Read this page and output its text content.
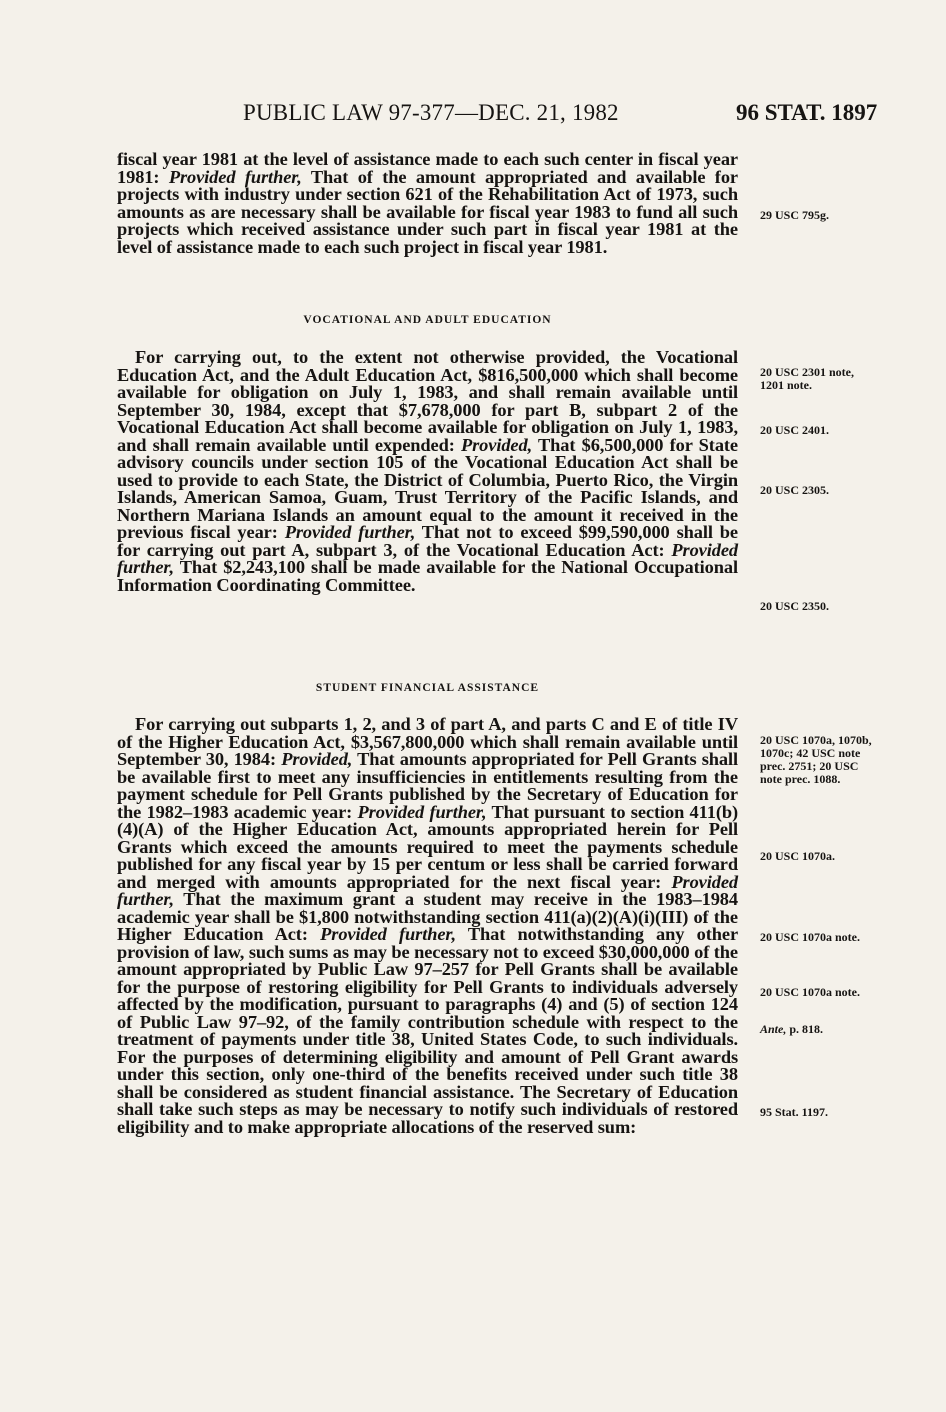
PUBLIC LAW 97-377—DEC. 21, 1982	96 STAT. 1897
fiscal year 1981 at the level of assistance made to each such center in fiscal year 1981: Provided further, That of the amount appropriated and available for projects with industry under section 621 of the Rehabilitation Act of 1973, such amounts as are necessary shall be available for fiscal year 1983 to fund all such projects which received assistance under such part in fiscal year 1981 at the level of assistance made to each such project in fiscal year 1981.
VOCATIONAL AND ADULT EDUCATION
For carrying out, to the extent not otherwise provided, the Vocational Education Act, and the Adult Education Act, $816,500,000 which shall become available for obligation on July 1, 1983, and shall remain available until September 30, 1984, except that $7,678,000 for part B, subpart 2 of the Vocational Education Act shall become available for obligation on July 1, 1983, and shall remain available until expended: Provided, That $6,500,000 for State advisory councils under section 105 of the Vocational Education Act shall be used to provide to each State, the District of Columbia, Puerto Rico, the Virgin Islands, American Samoa, Guam, Trust Territory of the Pacific Islands, and Northern Mariana Islands an amount equal to the amount it received in the previous fiscal year: Provided further, That not to exceed $99,590,000 shall be for carrying out part A, subpart 3, of the Vocational Education Act: Provided further, That $2,243,100 shall be made available for the National Occupational Information Coordinating Committee.
STUDENT FINANCIAL ASSISTANCE
For carrying out subparts 1, 2, and 3 of part A, and parts C and E of title IV of the Higher Education Act, $3,567,800,000 which shall remain available until September 30, 1984: Provided, That amounts appropriated for Pell Grants shall be available first to meet any insufficiencies in entitlements resulting from the payment schedule for Pell Grants published by the Secretary of Education for the 1982–1983 academic year: Provided further, That pursuant to section 411(b)(4)(A) of the Higher Education Act, amounts appropriated herein for Pell Grants which exceed the amounts required to meet the payments schedule published for any fiscal year by 15 per centum or less shall be carried forward and merged with amounts appropriated for the next fiscal year: Provided further, That the maximum grant a student may receive in the 1983–1984 academic year shall be $1,800 notwithstanding section 411(a)(2)(A)(i)(III) of the Higher Education Act: Provided further, That notwithstanding any other provision of law, such sums as may be necessary not to exceed $30,000,000 of the amount appropriated by Public Law 97–257 for Pell Grants shall be available for the purpose of restoring eligibility for Pell Grants to individuals adversely affected by the modification, pursuant to paragraphs (4) and (5) of section 124 of Public Law 97–92, of the family contribution schedule with respect to the treatment of payments under title 38, United States Code, to such individuals. For the purposes of determining eligibility and amount of Pell Grant awards under this section, only one-third of the benefits received under such title 38 shall be considered as student financial assistance. The Secretary of Education shall take such steps as may be necessary to notify such individuals of restored eligibility and to make appropriate allocations of the reserved sum:
29 USC 795g.
20 USC 2301 note, 1201 note.
20 USC 2401.
20 USC 2305.
20 USC 2350.
20 USC 1070a, 1070b, 1070c; 42 USC note prec. 2751; 20 USC note prec. 1088.
20 USC 1070a.
20 USC 1070a note.
20 USC 1070a note.
Ante, p. 818.
95 Stat. 1197.
